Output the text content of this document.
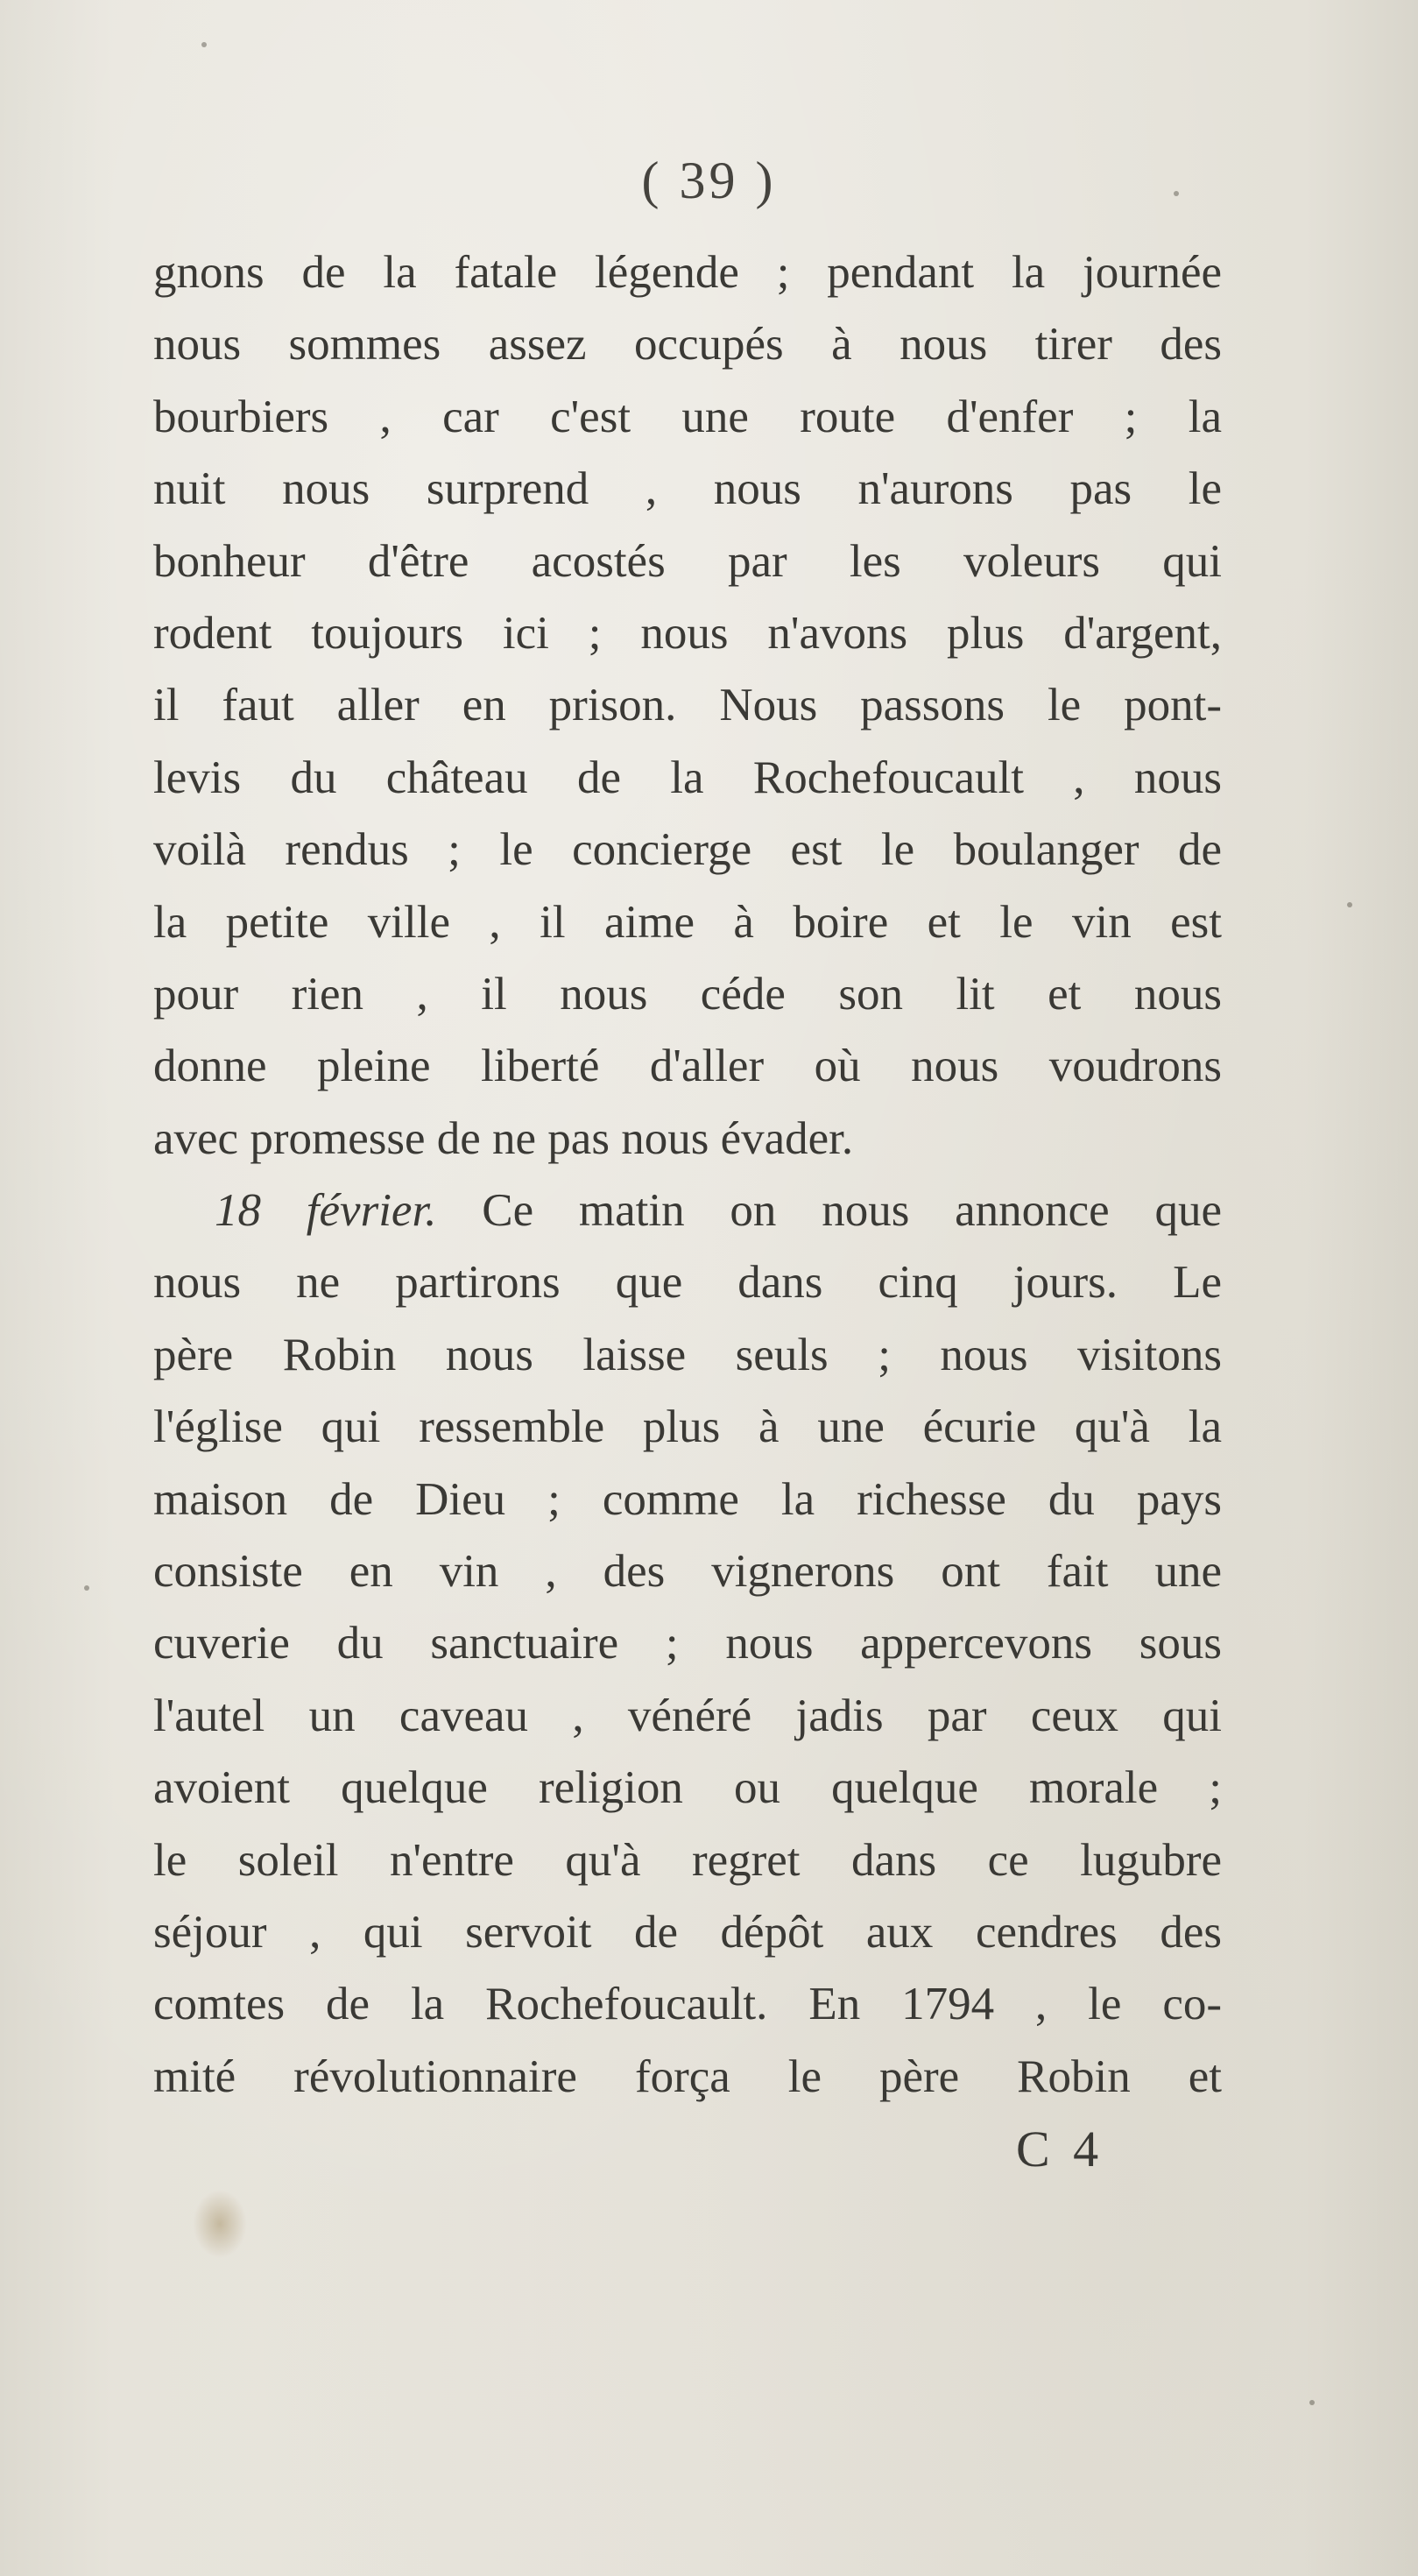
( 39 )
gnons de la fatale légende ; pendant la journée
nous sommes assez occupés à nous tirer des
bourbiers , car c'est une route d'enfer ; la
nuit nous surprend , nous n'aurons pas le
bonheur d'être acostés par les voleurs qui
rodent toujours ici ; nous n'avons plus d'argent,
il faut aller en prison. Nous passons le pont-
levis du château de la Rochefoucault , nous
voilà rendus ; le concierge est le boulanger de
la petite ville , il aime à boire et le vin est
pour rien , il nous céde son lit et nous
donne pleine liberté d'aller où nous voudrons
avec promesse de ne pas nous évader.
18 février. Ce matin on nous annonce que
nous ne partirons que dans cinq jours. Le
père Robin nous laisse seuls ; nous visitons
l'église qui ressemble plus à une écurie qu'à la
maison de Dieu ; comme la richesse du pays
consiste en vin , des vignerons ont fait une
cuverie du sanctuaire ; nous appercevons sous
l'autel un caveau , vénéré jadis par ceux qui
avoient quelque religion ou quelque morale ;
le soleil n'entre qu'à regret dans ce lugubre
séjour , qui servoit de dépôt aux cendres des
comtes de la Rochefoucault. En 1794 , le co-
mité révolutionnaire força le père Robin et
C 4
